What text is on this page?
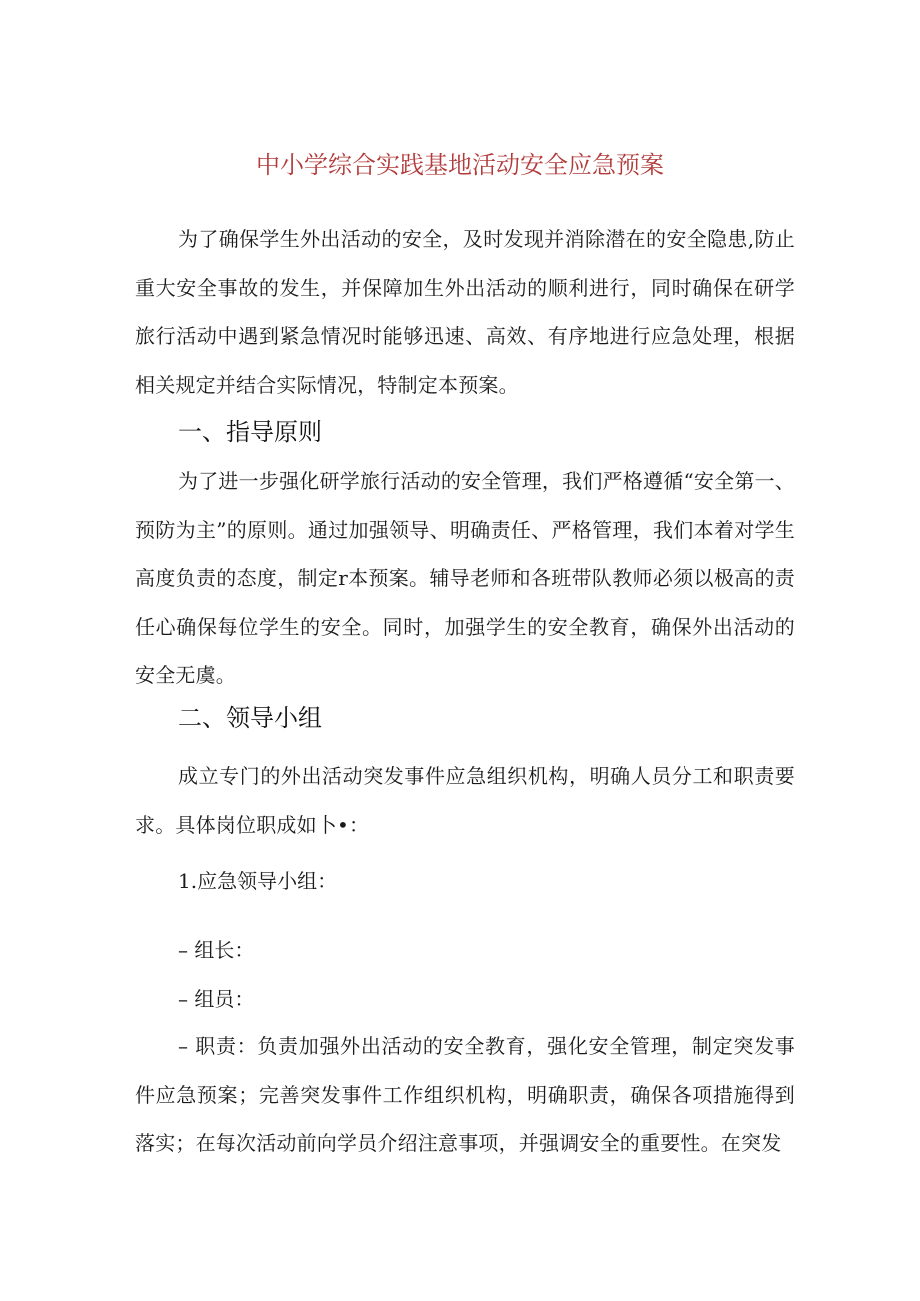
中小学综合实践基地活动安全应急预案
为了确保学生外出活动的安全，及时发现并消除潜在的安全隐患,防止重大安全事故的发生，并保障加生外出活动的顺利进行，同时确保在研学旅行活动中遇到紧急情况时能够迅速、高效、有序地进行应急处理，根据相关规定并结合实际情况，特制定本预案。
一、指导原则
为了进一步强化研学旅行活动的安全管理，我们严格遵循“安全第一、预防为主”的原则。通过加强领导、明确责任、严格管理，我们本着对学生高度负责的态度，制定r本预案。辅导老师和各班带队教师必须以极高的责任心确保每位学生的安全。同时，加强学生的安全教育，确保外出活动的安全无虞。
二、领导小组
成立专门的外出活动突发事件应急组织机构，明确人员分工和职责要求。具体岗位职成如卜•：
1.应急领导小组：
– 组长：
– 组员：
– 职责：负责加强外出活动的安全教育，强化安全管理，制定突发事件应急预案；完善突发事件工作组织机构，明确职责，确保各项措施得到落实；在每次活动前向学员介绍注意事项，并强调安全的重要性。在突发
